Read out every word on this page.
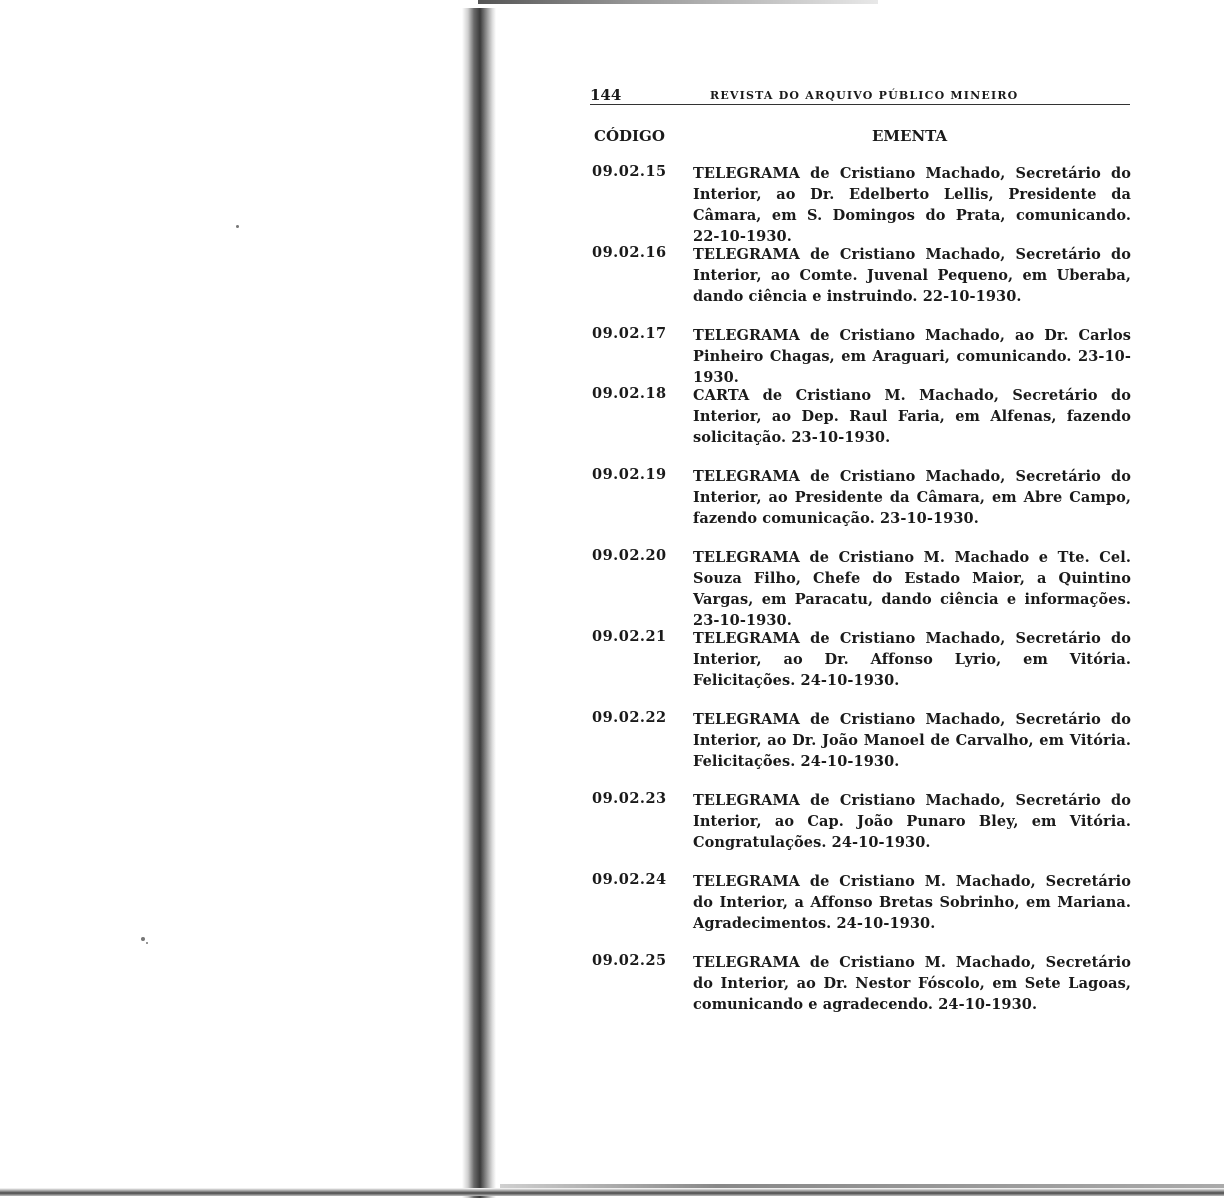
144	REVISTA DO ARQUIVO PÚBLICO MINEIRO
CÓDIGO	EMENTA
09.02.15 TELEGRAMA de Cristiano Machado, Secretário do Interior, ao Dr. Edelberto Lellis, Presidente da Câmara, em S. Domingos do Prata, comunicando. 22-10-1930.
09.02.16 TELEGRAMA de Cristiano Machado, Secretário do Interior, ao Comte. Juvenal Pequeno, em Uberaba, dando ciência e instruindo. 22-10-1930.
09.02.17 TELEGRAMA de Cristiano Machado, ao Dr. Carlos Pinheiro Chagas, em Araguari, comunicando. 23-10-1930.
09.02.18 CARTA de Cristiano M. Machado, Secretário do Interior, ao Dep. Raul Faria, em Alfenas, fazendo solicitação. 23-10-1930.
09.02.19 TELEGRAMA de Cristiano Machado, Secretário do Interior, ao Presidente da Câmara, em Abre Campo, fazendo comunicação. 23-10-1930.
09.02.20 TELEGRAMA de Cristiano M. Machado e Tte. Cel. Souza Filho, Chefe do Estado Maior, a Quintino Vargas, em Paracatu, dando ciência e informações. 23-10-1930.
09.02.21 TELEGRAMA de Cristiano Machado, Secretário do Interior, ao Dr. Affonso Lyrio, em Vitória. Felicitações. 24-10-1930.
09.02.22 TELEGRAMA de Cristiano Machado, Secretário do Interior, ao Dr. João Manoel de Carvalho, em Vitória. Felicitações. 24-10-1930.
09.02.23 TELEGRAMA de Cristiano Machado, Secretário do Interior, ao Cap. João Punaro Bley, em Vitória. Congratulações. 24-10-1930.
09.02.24 TELEGRAMA de Cristiano M. Machado, Secretário do Interior, a Affonso Bretas Sobrinho, em Mariana. Agradecimentos. 24-10-1930.
09.02.25 TELEGRAMA de Cristiano M. Machado, Secretário do Interior, ao Dr. Nestor Fóscolo, em Sete Lagoas, comunicando e agradecendo. 24-10-1930.
